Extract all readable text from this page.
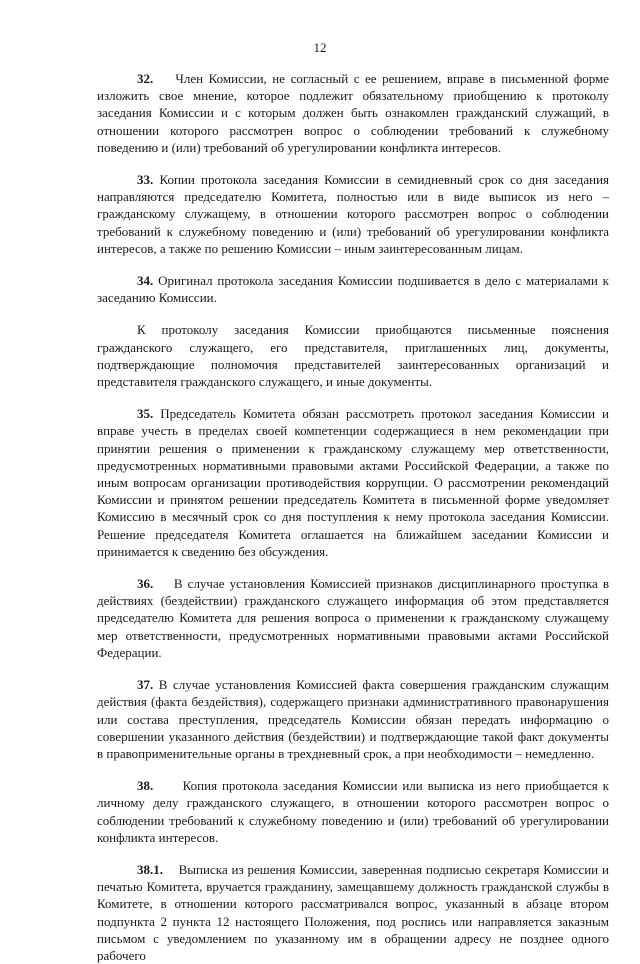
12

32. Член Комиссии, не согласный с ее решением, вправе в письменной форме изложить свое мнение, которое подлежит обязательному приобщению к протоколу заседания Комиссии и с которым должен быть ознакомлен гражданский служащий, в отношении которого рассмотрен вопрос о соблюдении требований к служебному поведению и (или) требований об урегулировании конфликта интересов.

33. Копии протокола заседания Комиссии в семидневный срок со дня заседания направляются председателю Комитета, полностью или в виде выписок из него – гражданскому служащему, в отношении которого рассмотрен вопрос о соблюдении требований к служебному поведению и (или) требований об урегулировании конфликта интересов, а также по решению Комиссии – иным заинтересованным лицам.

34. Оригинал протокола заседания Комиссии подшивается в дело с материалами к заседанию Комиссии.

К протоколу заседания Комиссии приобщаются письменные пояснения гражданского служащего, его представителя, приглашенных лиц, документы, подтверждающие полномочия представителей заинтересованных организаций и представителя гражданского служащего, и иные документы.

35. Председатель Комитета обязан рассмотреть протокол заседания Комиссии и вправе учесть в пределах своей компетенции содержащиеся в нем рекомендации при принятии решения о применении к гражданскому служащему мер ответственности, предусмотренных нормативными правовыми актами Российской Федерации, а также по иным вопросам организации противодействия коррупции. О рассмотрении рекомендаций Комиссии и принятом решении председатель Комитета в письменной форме уведомляет Комиссию в месячный срок со дня поступления к нему протокола заседания Комиссии. Решение председателя Комитета оглашается на ближайшем заседании Комиссии и принимается к сведению без обсуждения.

36. В случае установления Комиссией признаков дисциплинарного проступка в действиях (бездействии) гражданского служащего информация об этом представляется председателю Комитета для решения вопроса о применении к гражданскому служащему мер ответственности, предусмотренных нормативными правовыми актами Российской Федерации.

37. В случае установления Комиссией факта совершения гражданским служащим действия (факта бездействия), содержащего признаки административного правонарушения или состава преступления, председатель Комиссии обязан передать информацию о совершении указанного действия (бездействии) и подтверждающие такой факт документы в правоприменительные органы в трехдневный срок, а при необходимости – немедленно.

38. Копия протокола заседания Комиссии или выписка из него приобщается к личному делу гражданского служащего, в отношении которого рассмотрен вопрос о соблюдении требований к служебному поведению и (или) требований об урегулировании конфликта интересов.

38.1. Выписка из решения Комиссии, заверенная подписью секретаря Комиссии и печатью Комитета, вручается гражданину, замещавшему должность гражданской службы в Комитете, в отношении которого рассматривался вопрос, указанный в абзаце втором подпункта 2 пункта 12 настоящего Положения, под роспись или направляется заказным письмом с уведомлением по указанному им в обращении адресу не позднее одного рабочего
